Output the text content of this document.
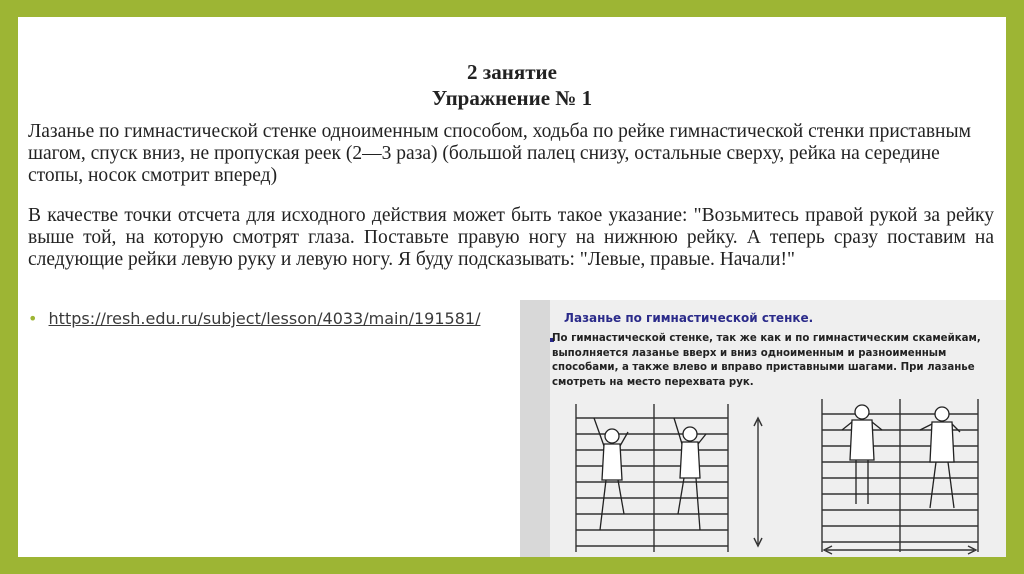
2 занятие
Упражнение № 1
Лазанье по гимнастической стенке одноименным способом, ходьба по рейке гимнастической стенки приставным шагом, спуск вниз, не пропуская реек (2—3 раза) (большой палец снизу, остальные сверху, рейка на середине стопы, носок смотрит вперед)
В качестве точки отсчета для исходного действия может быть такое указание: "Возьмитесь правой рукой за рейку выше той, на которую смотрят глаза. Поставьте правую ногу на нижнюю рейку. А теперь сразу поставим на следующие рейки левую руку и левую ногу. Я буду подсказывать: "Левые, правые. Начали!"
• https://resh.edu.ru/subject/lesson/4033/main/191581/	Лазанье по гимнастической стенке.
По гимнастической стенке, так же как и по гимнастическим скамейкам, выполняется лазанье вверх и вниз одноименным и разноименным способами, а также влево и вправо приставными шагами. При лазанье смотреть на место перехвата рук.
